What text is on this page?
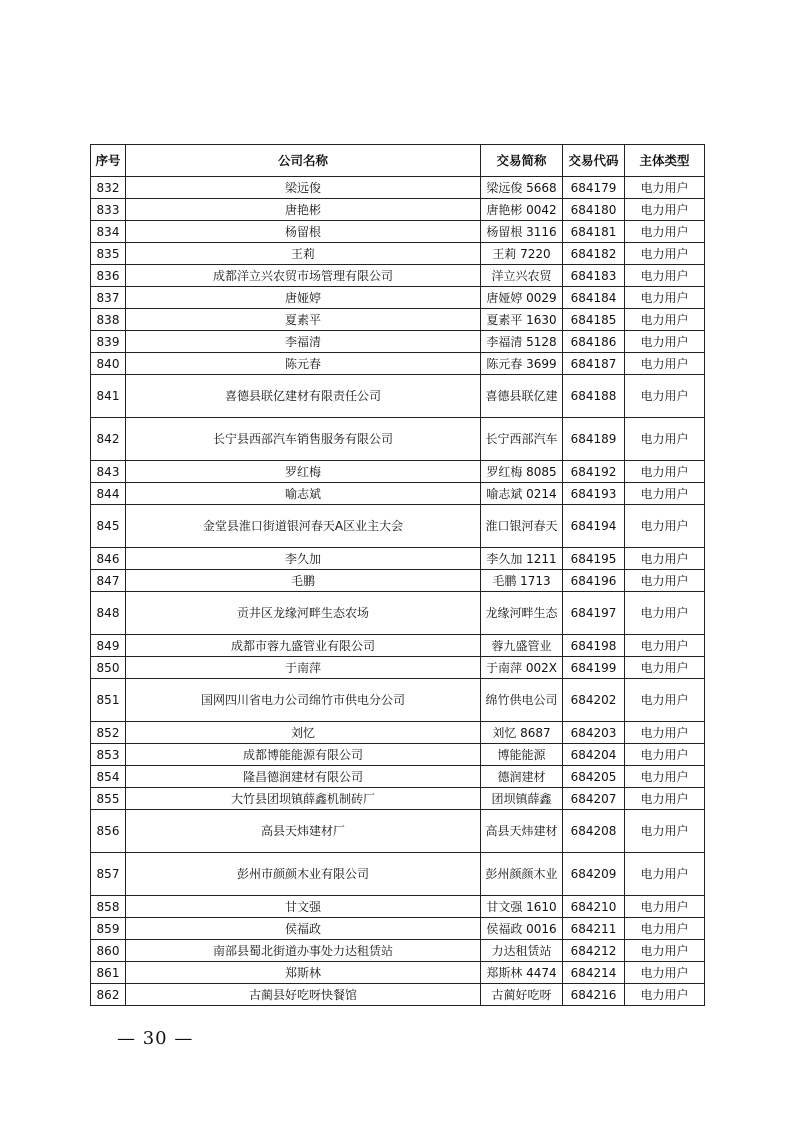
序号	公司名称	交易简称	交易代码	主体类型
832	梁远俊	梁远俊 5668	684179	电力用户
833	唐艳彬	唐艳彬 0042	684180	电力用户
834	杨留根	杨留根 3116	684181	电力用户
835	王莉	王莉 7220	684182	电力用户
836	成都洋立兴农贸市场管理有限公司	洋立兴农贸	684183	电力用户
837	唐娅婷	唐娅婷 0029	684184	电力用户
838	夏素平	夏素平 1630	684185	电力用户
839	李福清	李福清 5128	684186	电力用户
840	陈元春	陈元春 3699	684187	电力用户
841	喜德县联亿建材有限责任公司	喜德县联亿建	684188	电力用户
842	长宁县西部汽车销售服务有限公司	长宁西部汽车	684189	电力用户
843	罗红梅	罗红梅 8085	684192	电力用户
844	喻志斌	喻志斌 0214	684193	电力用户
845	金堂县淮口街道银河春天A区业主大会	淮口银河春天	684194	电力用户
846	李久加	李久加 1211	684195	电力用户
847	毛鹏	毛鹏 1713	684196	电力用户
848	贡井区龙缘河畔生态农场	龙缘河畔生态	684197	电力用户
849	成都市蓉九盛管业有限公司	蓉九盛管业	684198	电力用户
850	于南萍	于南萍 002X	684199	电力用户
851	国网四川省电力公司绵竹市供电分公司	绵竹供电公司	684202	电力用户
852	刘忆	刘忆 8687	684203	电力用户
853	成都博能能源有限公司	博能能源	684204	电力用户
854	隆昌德润建材有限公司	德润建材	684205	电力用户
855	大竹县团坝镇薛鑫机制砖厂	团坝镇薛鑫	684207	电力用户
856	高县天炜建材厂	高县天炜建材	684208	电力用户
857	彭州市颜颜木业有限公司	彭州颜颜木业	684209	电力用户
858	甘文强	甘文强 1610	684210	电力用户
859	侯福政	侯福政 0016	684211	电力用户
860	南部县蜀北街道办事处力达租赁站	力达租赁站	684212	电力用户
861	郑斯林	郑斯林 4474	684214	电力用户
862	古蔺县好吃呀快餐馆	古蔺好吃呀	684216	电力用户
— 30 —
